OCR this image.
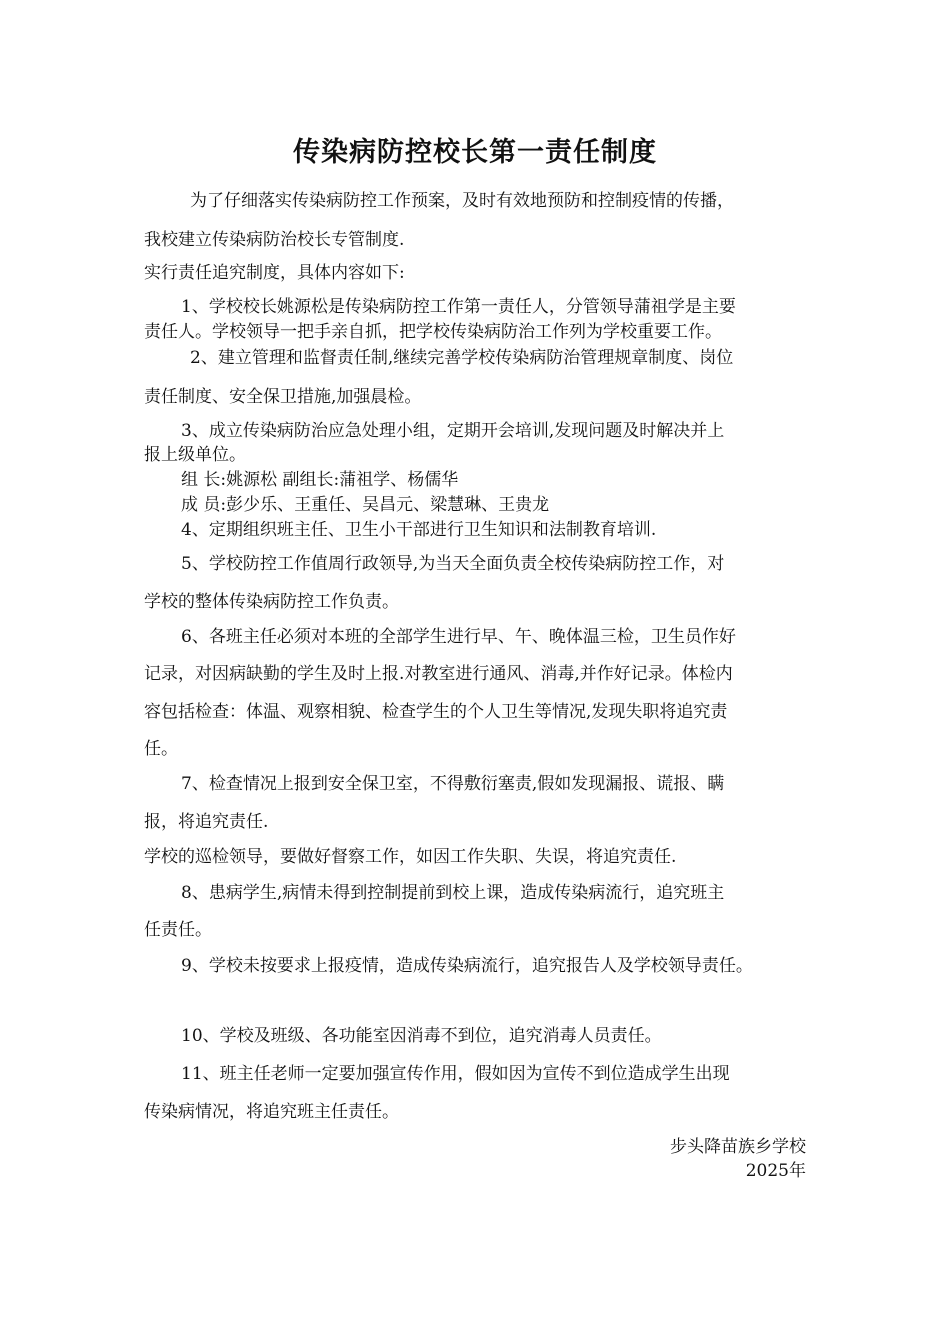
传染病防控校长第一责任制度
为了仔细落实传染病防控工作预案，及时有效地预防和控制疫情的传播，
我校建立传染病防治校长专管制度.
实行责任追究制度，具体内容如下:
1、学校校长姚源松是传染病防控工作第一责任人，分管领导蒲祖学是主要
责任人。学校领导一把手亲自抓，把学校传染病防治工作列为学校重要工作。
2、建立管理和监督责任制,继续完善学校传染病防治管理规章制度、岗位
责任制度、安全保卫措施,加强晨检。
3、成立传染病防治应急处理小组，定期开会培训,发现问题及时解决并上
报上级单位。
组 长:姚源松 副组长:蒲祖学、杨儒华
成 员:彭少乐、王重任、吴昌元、梁慧琳、王贵龙
4、定期组织班主任、卫生小干部进行卫生知识和法制教育培训.
5、学校防控工作值周行政领导,为当天全面负责全校传染病防控工作，对
学校的整体传染病防控工作负责。
6、各班主任必须对本班的全部学生进行早、午、晚体温三检，卫生员作好
记录，对因病缺勤的学生及时上报.对教室进行通风、消毒,并作好记录。体检内
容包括检查：体温、观察相貌、检查学生的个人卫生等情况,发现失职将追究责
任。
7、检查情况上报到安全保卫室，不得敷衍塞责,假如发现漏报、谎报、瞒
报，将追究责任.
学校的巡检领导，要做好督察工作，如因工作失职、失误，将追究责任.
8、患病学生,病情未得到控制提前到校上课，造成传染病流行，追究班主
任责任。
9、学校未按要求上报疫情，造成传染病流行，追究报告人及学校领导责任。
10、学校及班级、各功能室因消毒不到位，追究消毒人员责任。
11、班主任老师一定要加强宣传作用，假如因为宣传不到位造成学生出现
传染病情况，将追究班主任责任。
步头降苗族乡学校
2025年
